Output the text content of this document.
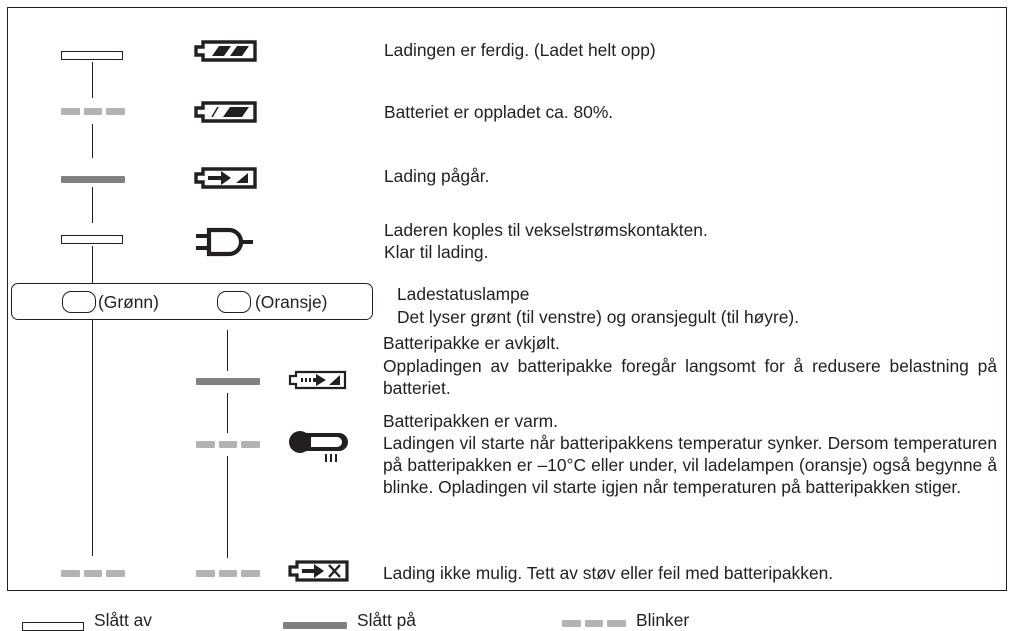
Ladingen er ferdig. (Ladet helt opp)
Batteriet er oppladet ca. 80%.
Lading pågår.
Laderen koples til vekselstrømskontakten.
Klar til lading.
(Grønn)	(Oransje)	Ladestatuslampe
Det lyser grønt (til venstre) og oransjegult (til høyre).
Batteripakke er avkjølt.
Oppladingen av batteripakke foregår langsomt for å redusere belastning på batteriet.
Batteripakken er varm.
Ladingen vil starte når batteripakkens temperatur synker. Dersom temperaturen på batteripakken er –10°C eller under, vil ladelampen (oransje) også begynne å blinke. Opladingen vil starte igjen når temperaturen på batteripakken stiger.
Lading ikke mulig. Tett av støv eller feil med batteripakken.
Slått av	Slått på	Blinker
